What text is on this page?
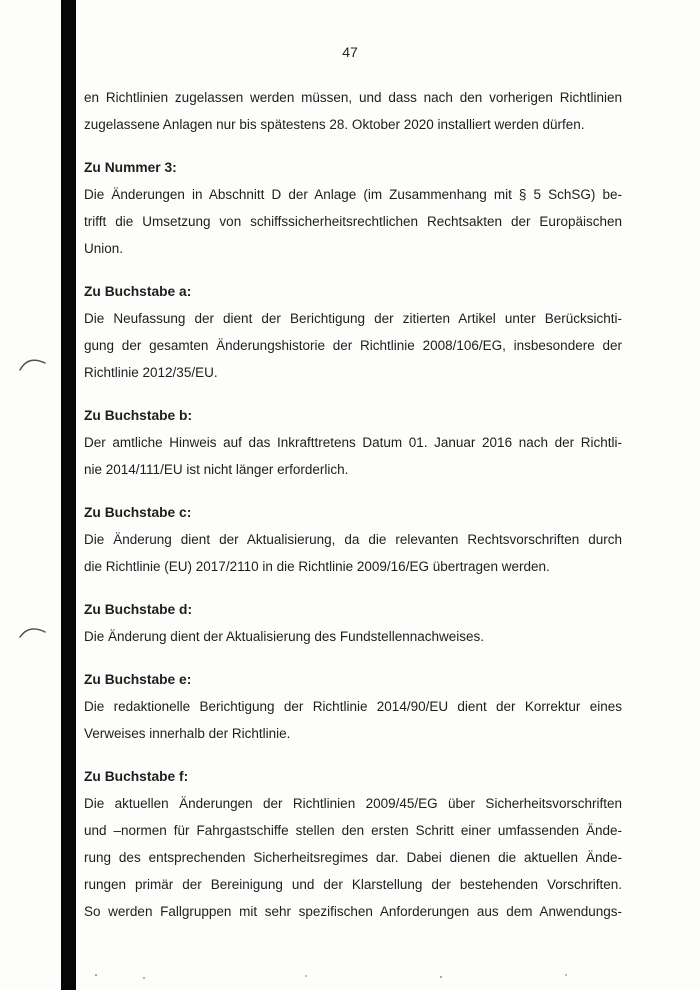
47
en Richtlinien zugelassen werden müssen, und dass nach den vorherigen Richtlinien
zugelassene Anlagen nur bis spätestens 28. Oktober 2020 installiert werden dürfen.
Zu Nummer 3:
Die Änderungen in Abschnitt D der Anlage (im Zusammenhang mit § 5 SchSG) be-
trifft die Umsetzung von schiffssicherheitsrechtlichen Rechtsakten der Europäischen
Union.
Zu Buchstabe a:
Die Neufassung der dient der Berichtigung der zitierten Artikel unter Berücksichti-
gung der gesamten Änderungshistorie der Richtlinie 2008/106/EG, insbesondere der
Richtlinie 2012/35/EU.
Zu Buchstabe b:
Der amtliche Hinweis auf das Inkrafttretens Datum 01. Januar 2016 nach der Richtli-
nie 2014/111/EU ist nicht länger erforderlich.
Zu Buchstabe c:
Die Änderung dient der Aktualisierung, da die relevanten Rechtsvorschriften durch
die Richtlinie (EU) 2017/2110 in die Richtlinie 2009/16/EG übertragen werden.
Zu Buchstabe d:
Die Änderung dient der Aktualisierung des Fundstellennachweises.
Zu Buchstabe e:
Die redaktionelle Berichtigung der Richtlinie 2014/90/EU dient der Korrektur eines
Verweises innerhalb der Richtlinie.
Zu Buchstabe f:
Die aktuellen Änderungen der Richtlinien 2009/45/EG über Sicherheitsvorschriften
und –normen für Fahrgastschiffe stellen den ersten Schritt einer umfassenden Ände-
rung des entsprechenden Sicherheitsregimes dar. Dabei dienen die aktuellen Ände-
rungen primär der Bereinigung und der Klarstellung der bestehenden Vorschriften.
So werden Fallgruppen mit sehr spezifischen Anforderungen aus dem Anwendungs-
